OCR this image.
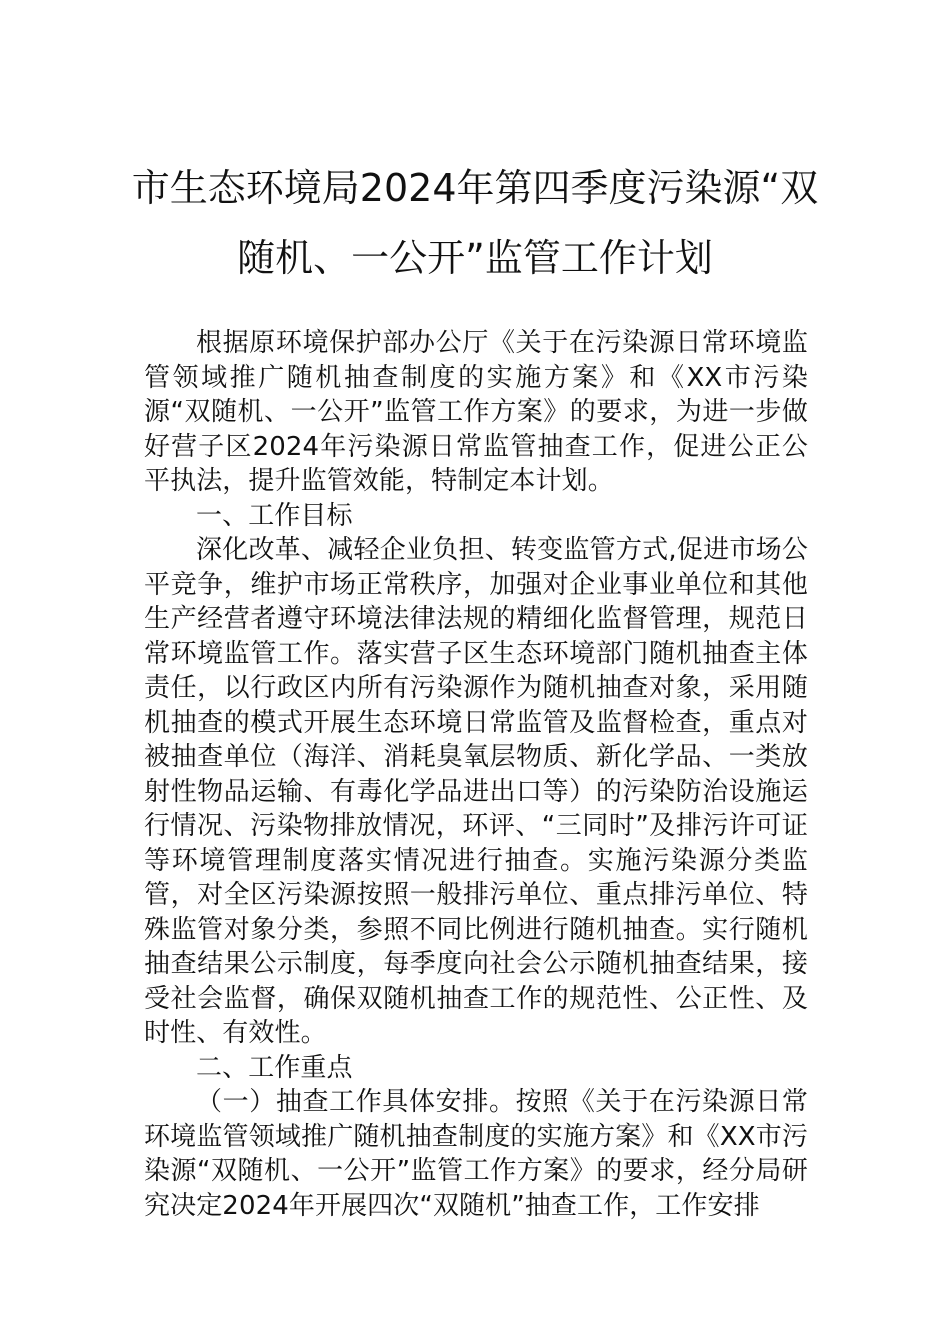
市生态环境局2024年第四季度污染源“双
随机、一公开”监管工作计划

根据原环境保护部办公厅《关于在污染源日常环境监管领域推广随机抽查制度的实施方案》和《XX市污染源“双随机、一公开”监管工作方案》的要求，为进一步做好营子区2024年污染源日常监管抽查工作，促进公正公平执法，提升监管效能，特制定本计划。

一、工作目标

深化改革、减轻企业负担、转变监管方式,促进市场公平竞争，维护市场正常秩序，加强对企业事业单位和其他生产经营者遵守环境法律法规的精细化监督管理，规范日常环境监管工作。落实营子区生态环境部门随机抽查主体责任，以行政区内所有污染源作为随机抽查对象，采用随机抽查的模式开展生态环境日常监管及监督检查，重点对被抽查单位（海洋、消耗臭氧层物质、新化学品、一类放射性物品运输、有毒化学品进出口等）的污染防治设施运行情况、污染物排放情况，环评、“三同时”及排污许可证等环境管理制度落实情况进行抽查。实施污染源分类监管，对全区污染源按照一般排污单位、重点排污单位、特殊监管对象分类，参照不同比例进行随机抽查。实行随机抽查结果公示制度，每季度向社会公示随机抽查结果，接受社会监督，确保双随机抽查工作的规范性、公正性、及时性、有效性。

二、工作重点

（一）抽查工作具体安排。按照《关于在污染源日常环境监管领域推广随机抽查制度的实施方案》和《XX市污染源“双随机、一公开”监管工作方案》的要求，经分局研究决定2024年开展四次“双随机”抽查工作，工作安排
